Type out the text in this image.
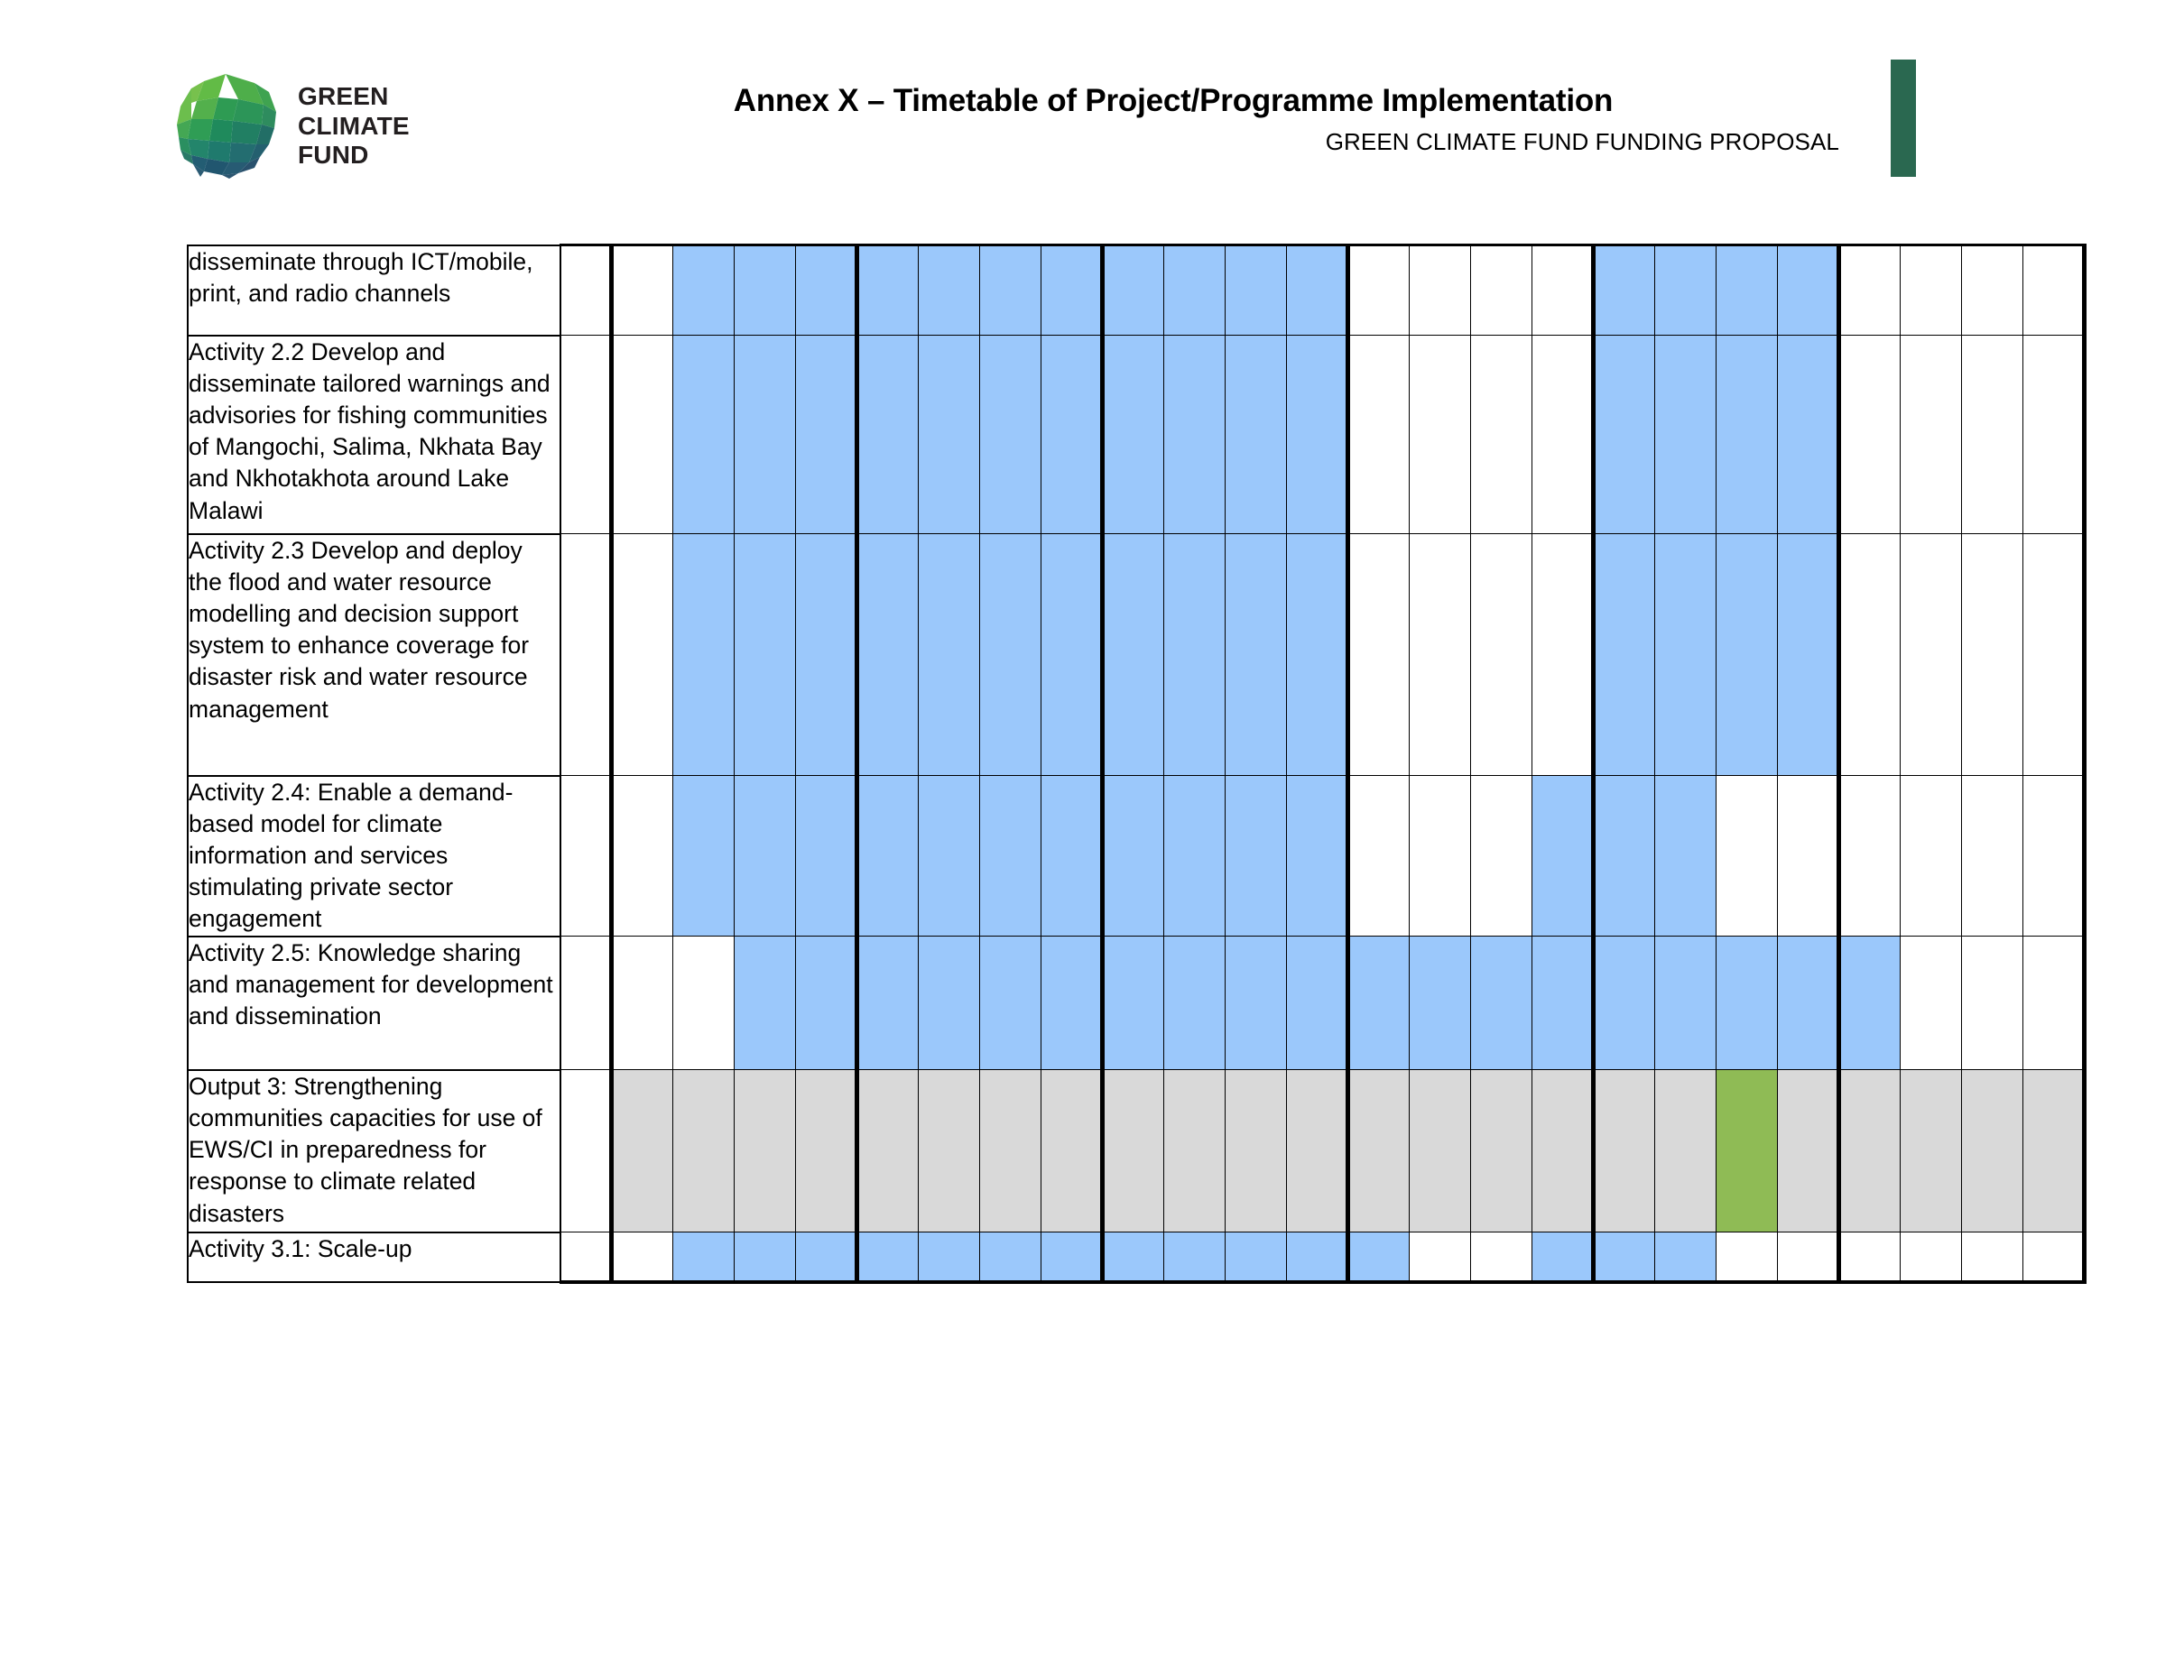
GREEN
CLIMATE
FUND
Annex X – Timetable of Project/Programme Implementation
GREEN CLIMATE FUND FUNDING PROPOSAL
disseminate through ICT/mobile, print, and radio channels																									
Activity 2.2 Develop and disseminate tailored warnings and advisories for fishing communities of Mangochi, Salima, Nkhata Bay and Nkhotakhota around Lake Malawi																									
Activity 2.3 Develop and deploy the flood and water resource modelling and decision support system to enhance coverage for disaster risk and water resource management																									
Activity 2.4: Enable a demand-based model for climate information and services stimulating private sector engagement																									
Activity 2.5: Knowledge sharing and management for development and dissemination																									
Output 3: Strengthening communities capacities for use of EWS/CI in preparedness for response to climate related disasters																									
Activity 3.1: Scale-up																									
